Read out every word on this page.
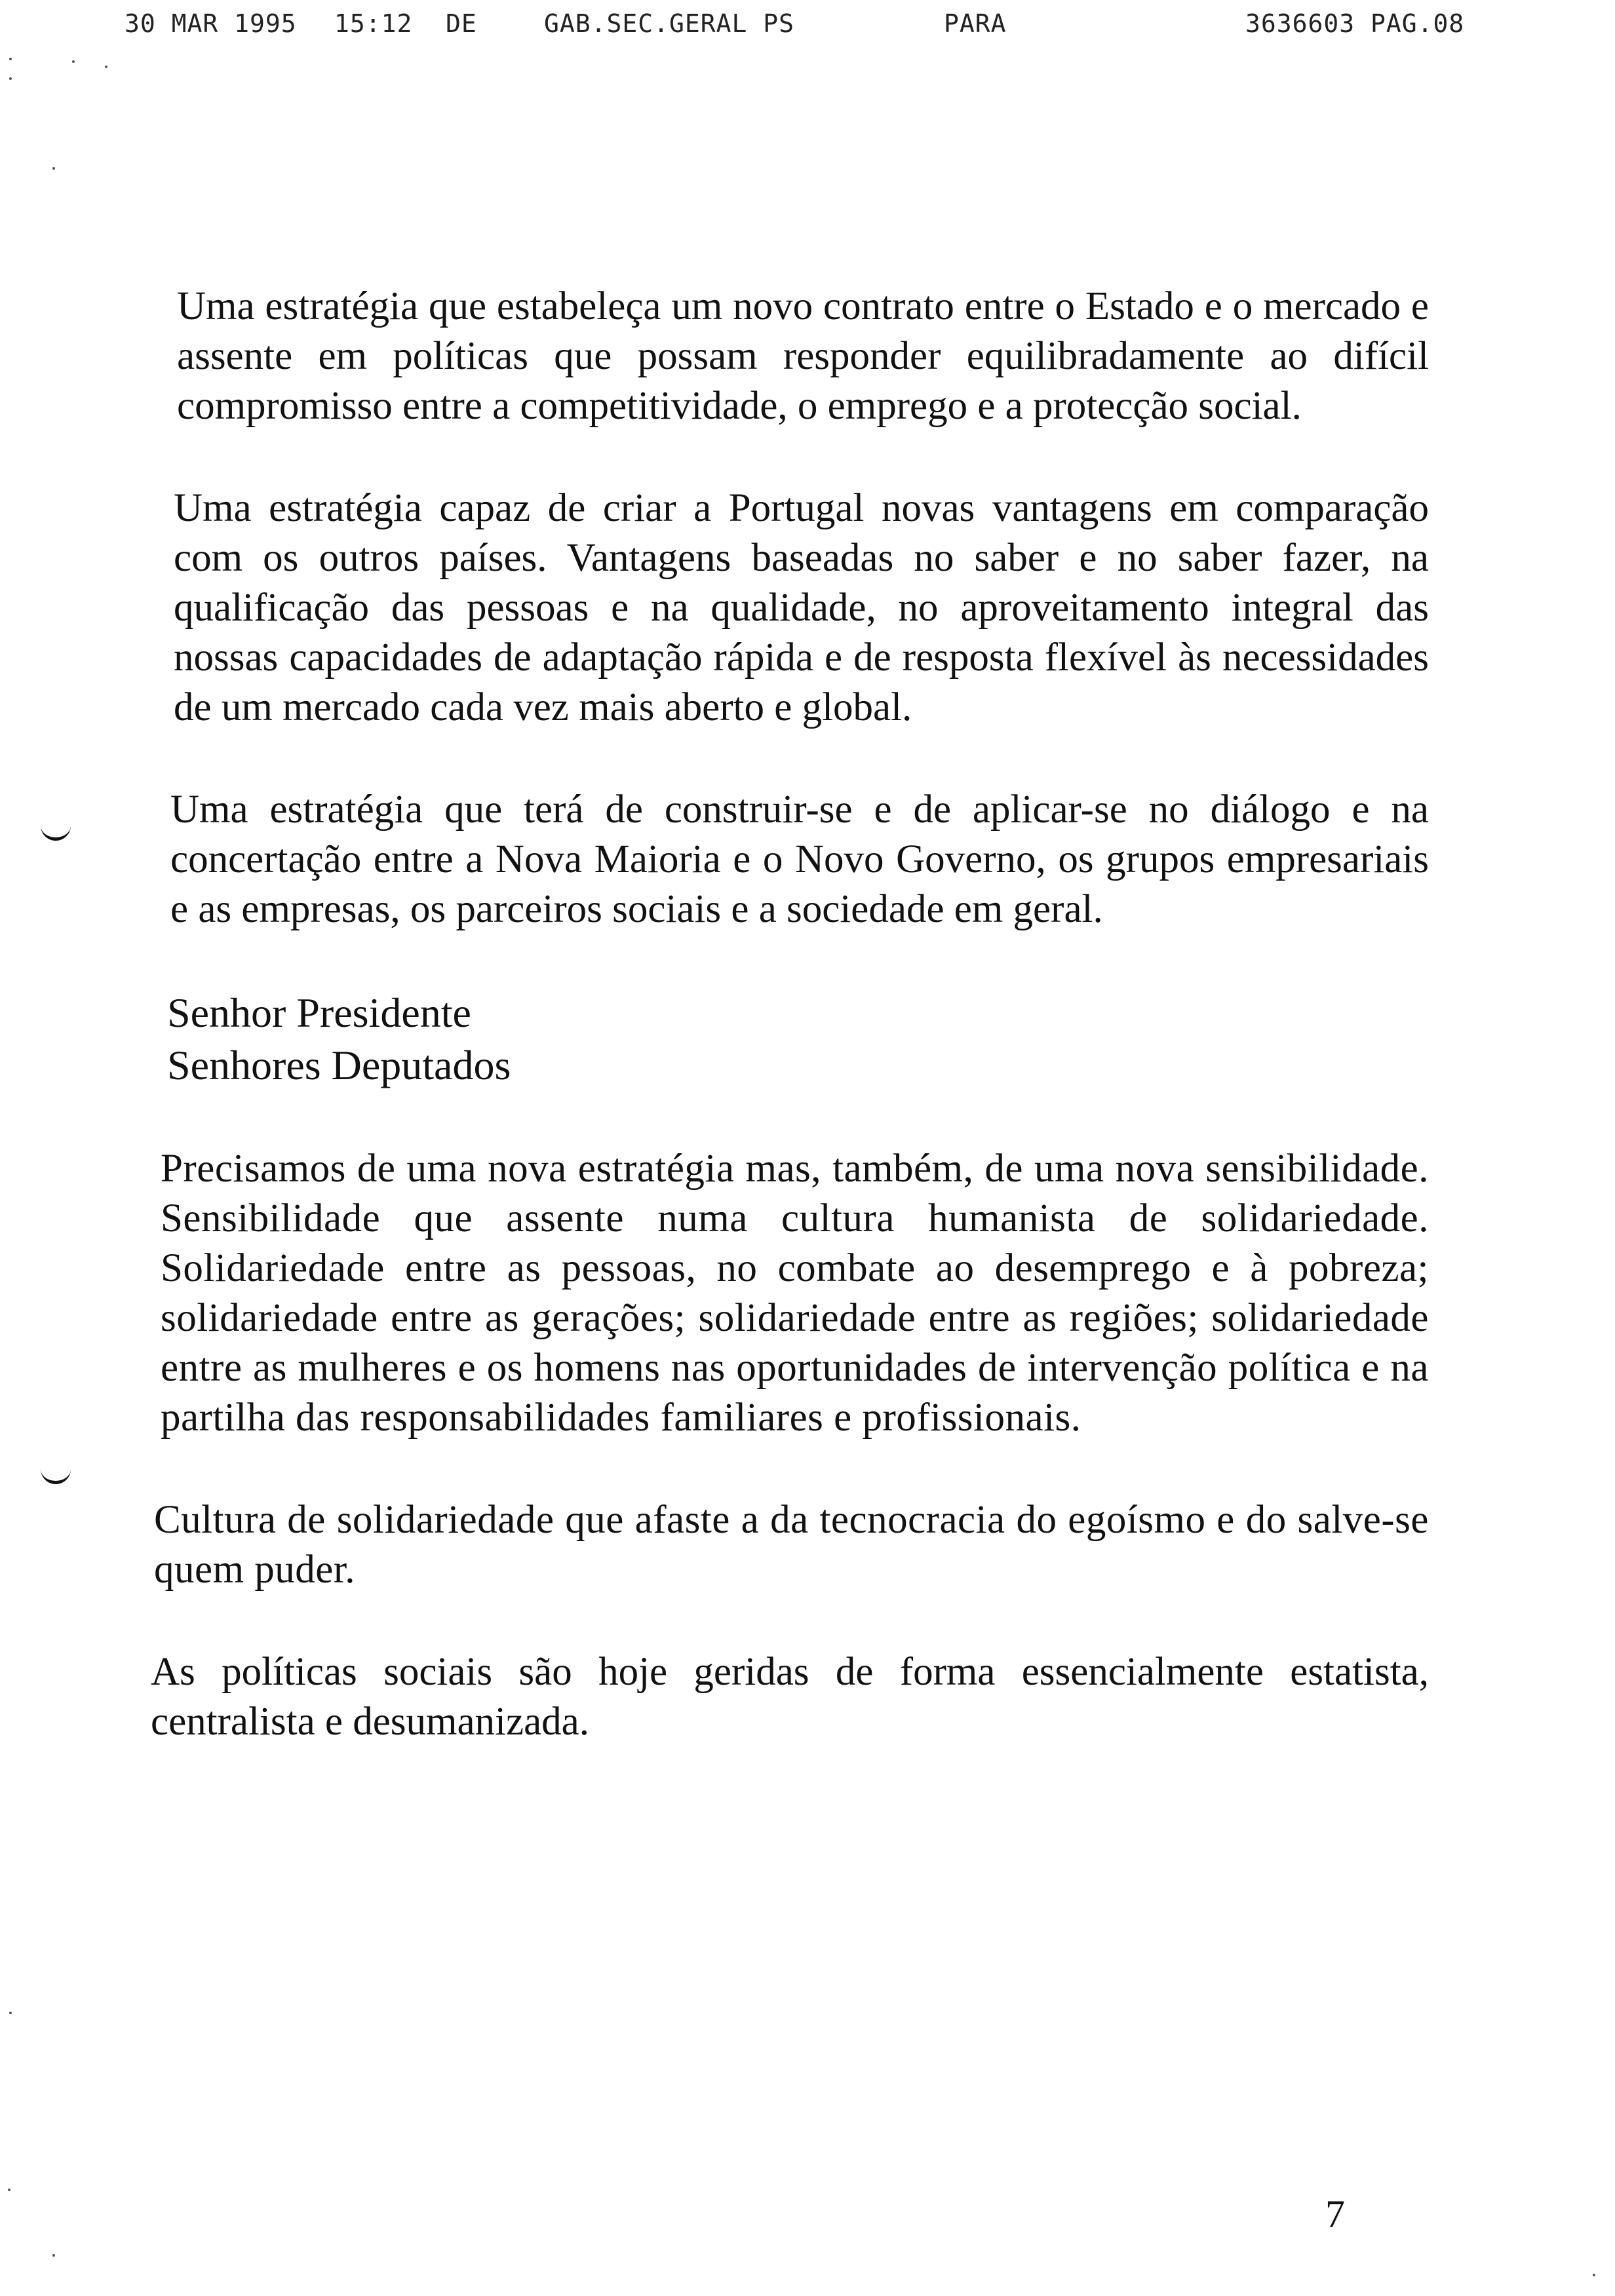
30 MAR 1995 15:12 DE	GAB.SEC.GERAL PS	PARA	3636603 PAG.08

Uma estratégia que estabeleça um novo contrato entre o Estado e o mercado e assente em políticas que possam responder equilibradamente ao difícil compromisso entre a competitividade, o emprego e a protecção social.

Uma estratégia capaz de criar a Portugal novas vantagens em comparação com os outros países. Vantagens baseadas no saber e no saber fazer, na qualificação das pessoas e na qualidade, no aproveitamento integral das nossas capacidades de adaptação rápida e de resposta flexível às necessidades de um mercado cada vez mais aberto e global.

Uma estratégia que terá de construir-se e de aplicar-se no diálogo e na concertação entre a Nova Maioria e o Novo Governo, os grupos empresariais e as empresas, os parceiros sociais e a sociedade em geral.

Senhor Presidente
Senhores Deputados

Precisamos de uma nova estratégia mas, também, de uma nova sensibilidade. Sensibilidade que assente numa cultura humanista de solidariedade. Solidariedade entre as pessoas, no combate ao desemprego e à pobreza; solidariedade entre as gerações; solidariedade entre as regiões; solidariedade entre as mulheres e os homens nas oportunidades de intervenção política e na partilha das responsabilidades familiares e profissionais.

Cultura de solidariedade que afaste a da tecnocracia do egoísmo e do salve-se quem puder.

As políticas sociais são hoje geridas de forma essencialmente estatista, centralista e desumanizada.

7
